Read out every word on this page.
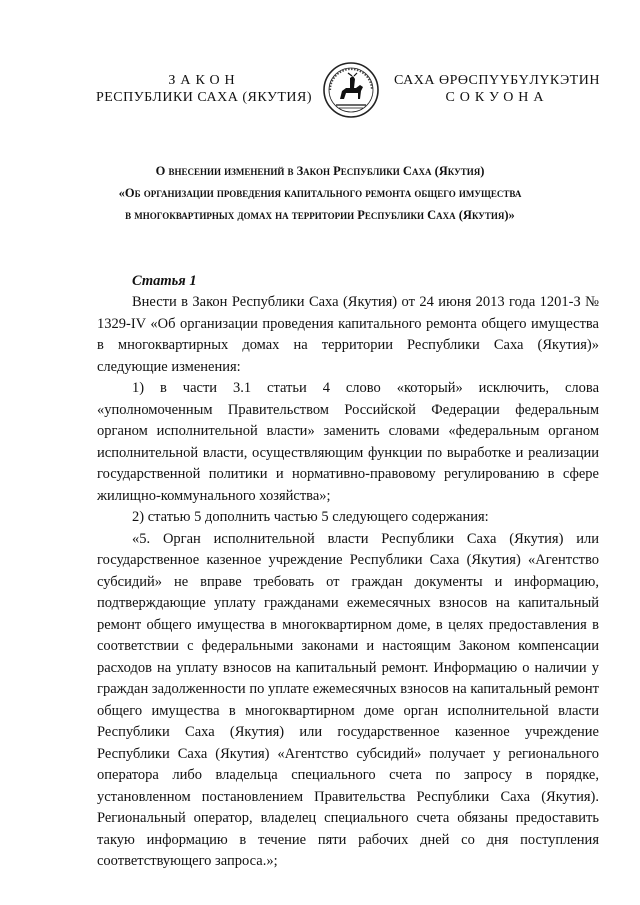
ЗАКОН
РЕСПУБЛИКИ САХА (ЯКУТИЯ)
САХА ӨРӨСПҮҮБҮЛҮКЭТИН
СОКУОНА
О внесении изменений в Закон Республики Саха (Якутия)
«Об организации проведения капитального ремонта общего имущества
в многоквартирных домах на территории Республики Саха (Якутия)»
Статья 1

Внести в Закон Республики Саха (Якутия) от 24 июня 2013 года 1201-З № 1329-IV «Об организации проведения капитального ремонта общего имущества в многоквартирных домах на территории Республики Саха (Якутия)» следующие изменения:

1) в части 3.1 статьи 4 слово «который» исключить, слова «уполномоченным Правительством Российской Федерации федеральным органом исполнительной власти» заменить словами «федеральным органом исполнительной власти, осуществляющим функции по выработке и реализации государственной политики и нормативно-правовому регулированию в сфере жилищно-коммунального хозяйства»;

2) статью 5 дополнить частью 5 следующего содержания:

«5. Орган исполнительной власти Республики Саха (Якутия) или государственное казенное учреждение Республики Саха (Якутия) «Агентство субсидий» не вправе требовать от граждан документы и информацию, подтверждающие уплату гражданами ежемесячных взносов на капитальный ремонт общего имущества в многоквартирном доме, в целях предоставления в соответствии с федеральными законами и настоящим Законом компенсации расходов на уплату взносов на капитальный ремонт. Информацию о наличии у граждан задолженности по уплате ежемесячных взносов на капитальный ремонт общего имущества в многоквартирном доме орган исполнительной власти Республики Саха (Якутия) или государственное казенное учреждение Республики Саха (Якутия) «Агентство субсидий» получает у регионального оператора либо владельца специального счета по запросу в порядке, установленном постановлением Правительства Республики Саха (Якутия). Региональный оператор, владелец специального счета обязаны предоставить такую информацию в течение пяти рабочих дней со дня поступления соответствующего запроса.»;
